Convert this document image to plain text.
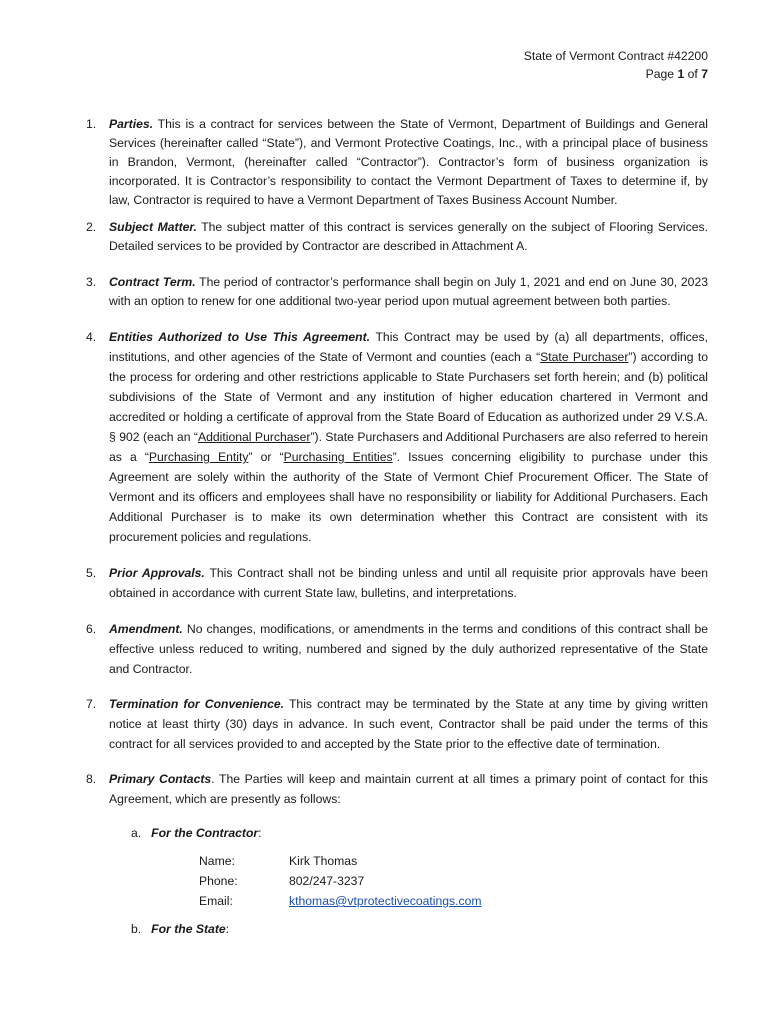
State of Vermont Contract #42200
Page 1 of 7
1.	Parties. This is a contract for services between the State of Vermont, Department of Buildings and General Services (hereinafter called “State”), and Vermont Protective Coatings, Inc., with a principal place of business in Brandon, Vermont, (hereinafter called “Contractor”). Contractor’s form of business organization is incorporated. It is Contractor’s responsibility to contact the Vermont Department of Taxes to determine if, by law, Contractor is required to have a Vermont Department of Taxes Business Account Number.
2.	Subject Matter. The subject matter of this contract is services generally on the subject of Flooring Services. Detailed services to be provided by Contractor are described in Attachment A.
3.	Contract Term. The period of contractor’s performance shall begin on July 1, 2021 and end on June 30, 2023 with an option to renew for one additional two-year period upon mutual agreement between both parties.
4.	Entities Authorized to Use This Agreement. This Contract may be used by (a) all departments, offices, institutions, and other agencies of the State of Vermont and counties (each a “State Purchaser”) according to the process for ordering and other restrictions applicable to State Purchasers set forth herein; and (b) political subdivisions of the State of Vermont and any institution of higher education chartered in Vermont and accredited or holding a certificate of approval from the State Board of Education as authorized under 29 V.S.A. § 902 (each an “Additional Purchaser”). State Purchasers and Additional Purchasers are also referred to herein as a “Purchasing Entity” or “Purchasing Entities”. Issues concerning eligibility to purchase under this Agreement are solely within the authority of the State of Vermont Chief Procurement Officer. The State of Vermont and its officers and employees shall have no responsibility or liability for Additional Purchasers. Each Additional Purchaser is to make its own determination whether this Contract are consistent with its procurement policies and regulations.
5.	Prior Approvals. This Contract shall not be binding unless and until all requisite prior approvals have been obtained in accordance with current State law, bulletins, and interpretations.
6.	Amendment. No changes, modifications, or amendments in the terms and conditions of this contract shall be effective unless reduced to writing, numbered and signed by the duly authorized representative of the State and Contractor.
7.	Termination for Convenience. This contract may be terminated by the State at any time by giving written notice at least thirty (30) days in advance. In such event, Contractor shall be paid under the terms of this contract for all services provided to and accepted by the State prior to the effective date of termination.
8.	Primary Contacts. The Parties will keep and maintain current at all times a primary point of contact for this Agreement, which are presently as follows:
a. For the Contractor:
Name:	Kirk Thomas
Phone:	802/247-3237
Email:	kthomas@vtprotectivecoatings.com
b. For the State:
